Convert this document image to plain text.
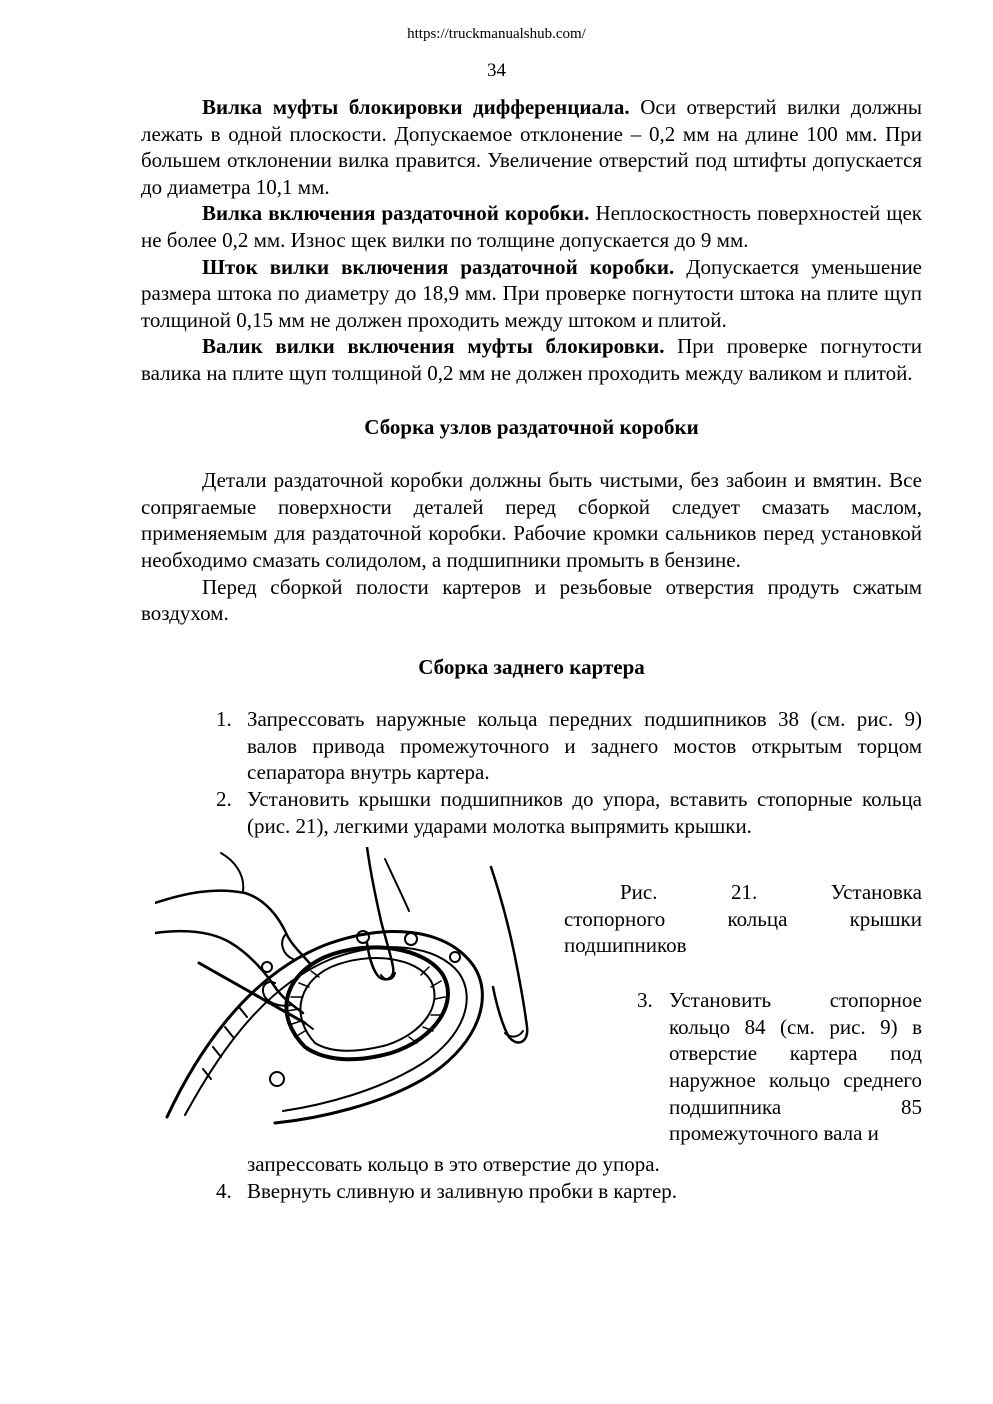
https://truckmanualshub.com/
34

Вилка муфты блокировки дифференциала. Оси отверстий вилки должны лежать в одной плоскости. Допускаемое отклонение – 0,2 мм на длине 100 мм. При большем отклонении вилка правится. Увеличение отверстий под штифты допускается до диаметра 10,1 мм.

Вилка включения раздаточной коробки. Неплоскостность поверхностей щек не более 0,2 мм. Износ щек вилки по толщине допускается до 9 мм.

Шток вилки включения раздаточной коробки. Допускается уменьшение размера штока по диаметру до 18,9 мм. При проверке погнутости штока на плите щуп толщиной 0,15 мм не должен проходить между штоком и плитой.

Валик вилки включения муфты блокировки. При проверке погнутости валика на плите щуп толщиной 0,2 мм не должен проходить между валиком и плитой.

Сборка узлов раздаточной коробки

Детали раздаточной коробки должны быть чистыми, без забоин и вмятин. Все сопрягаемые поверхности деталей перед сборкой следует смазать маслом, применяемым для раздаточной коробки. Рабочие кромки сальников перед установкой необходимо смазать солидолом, а подшипники промыть в бензине.

Перед сборкой полости картеров и резьбовые отверстия продуть сжатым воздухом.

Сборка заднего картера

1. Запрессовать наружные кольца передних подшипников 38 (см. рис. 9) валов привода промежуточного и заднего мостов открытым торцом сепаратора внутрь картера.
2. Установить крышки подшипников до упора, вставить стопорные кольца (рис. 21), легкими ударами молотка выпрямить крышки.
Рис.	21.	Установка
стопорного кольца крышки подшипников
3. Установить стопорное кольцо 84 (см. рис. 9) в отверстие картера под наружное кольцо среднего подшипника 85 промежуточного вала и
запрессовать кольцо в это отверстие до упора.
4. Ввернуть сливную и заливную пробки в картер.
